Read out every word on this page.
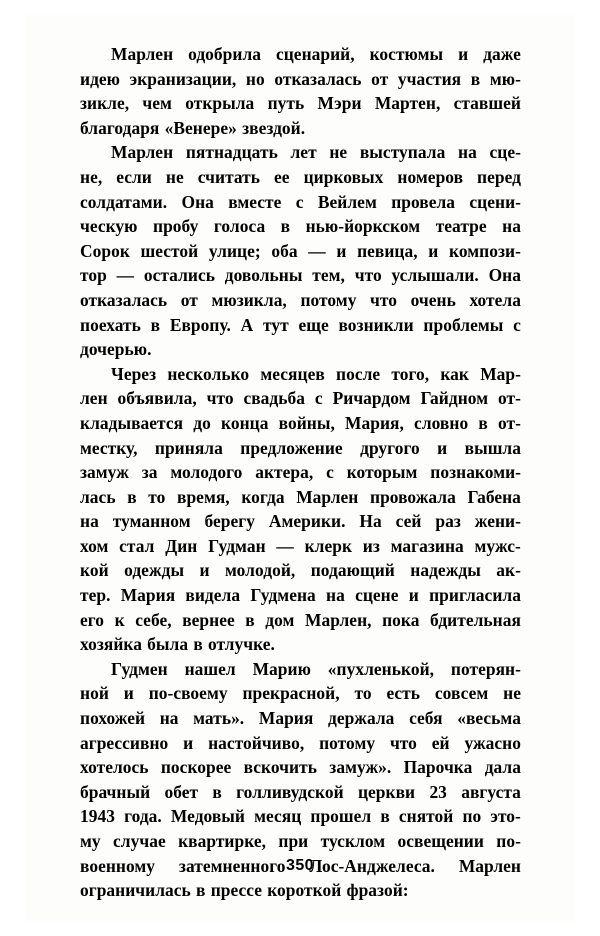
Марлен одобрила сценарий, костюмы и даже
идею экранизации, но отказалась от участия в мю-
зикле, чем открыла путь Мэри Мартен, ставшей
благодаря «Венере» звездой.
Марлен пятнадцать лет не выступала на сце-
не, если не считать ее цирковых номеров перед
солдатами. Она вместе с Вейлем провела сцени-
ческую пробу голоса в нью-йоркском театре на
Сорок шестой улице; оба — и певица, и компози-
тор — остались довольны тем, что услышали. Она
отказалась от мюзикла, потому что очень хотела
поехать в Европу. А тут еще возникли проблемы с
дочерью.
Через несколько месяцев после того, как Мар-
лен объявила, что свадьба с Ричардом Гайдном от-
кладывается до конца войны, Мария, словно в от-
местку, приняла предложение другого и вышла
замуж за молодого актера, с которым познакоми-
лась в то время, когда Марлен провожала Габена
на туманном берегу Америки. На сей раз жени-
хом стал Дин Гудман — клерк из магазина мужс-
кой одежды и молодой, подающий надежды ак-
тер. Мария видела Гудмена на сцене и пригласила
его к себе, вернее в дом Марлен, пока бдительная
хозяйка была в отлучке.
Гудмен нашел Марию «пухленькой, потерян-
ной и по-своему прекрасной, то есть совсем не
похожей на мать». Мария держала себя «весьма
агрессивно и настойчиво, потому что ей ужасно
хотелось поскорее вскочить замуж». Парочка дала
брачный обет в голливудской церкви 23 августа
1943 года. Медовый месяц прошел в снятой по это-
му случае квартирке, при тусклом освещении по-
военному затемненного Лос-Анджелеса. Марлен
ограничилась в прессе короткой фразой:
350
